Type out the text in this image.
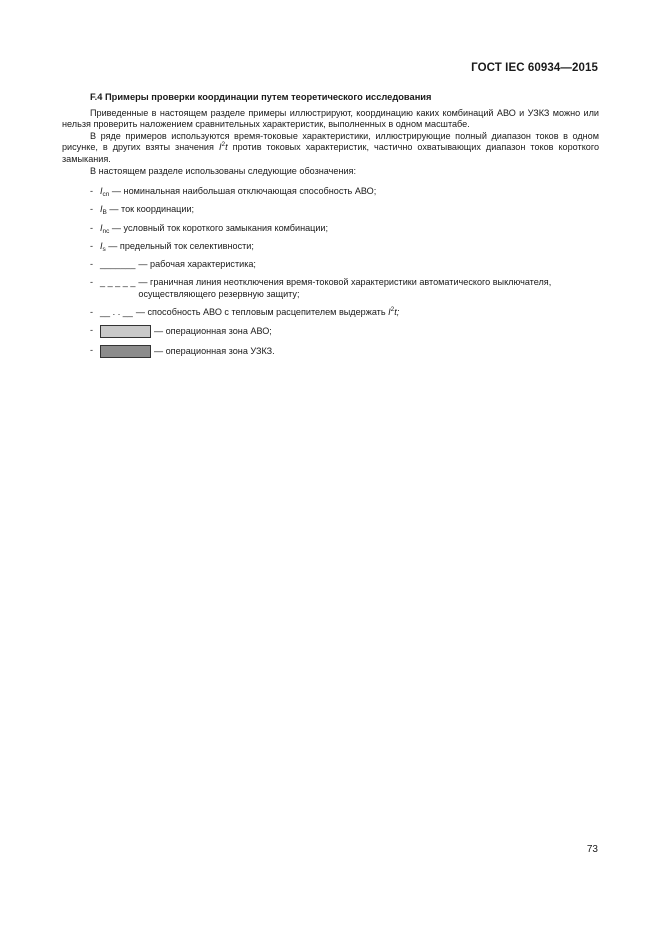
ГОСТ IEC 60934—2015
F.4 Примеры проверки координации путем теоретического исследования

Приведенные в настоящем разделе примеры иллюстрируют, координацию каких комбинаций АВО и УЗКЗ можно или нельзя проверить наложением сравнительных характеристик, выполненных в одном масштабе.

В ряде примеров используются время-токовые характеристики, иллюстрирующие полный диапазон токов в одном рисунке, в других взяты значения $I^2t$ против токовых характеристик, частично охватывающих диапазон токов короткого замыкания.

В настоящем разделе использованы следующие обозначения:

- $I_{cn}$ — номинальная наибольшая отключающая способность АВО;
- $I_B$ — ток координации;
- $I_{nc}$ — условный ток короткого замыкания комбинации;
- $I_s$ — предельный ток селективности;
- _______ — рабочая характеристика;
- _ _ _ _ _ — граничная линия неотключения время-токовой характеристики автоматического выключателя, осуществляющего резервную защиту;
- __ . . __ — способность АВО с тепловым расцепителем выдержать $I^2t$;
-	— операционная зона АВО;
-	— операционная зона УЗКЗ.
73
